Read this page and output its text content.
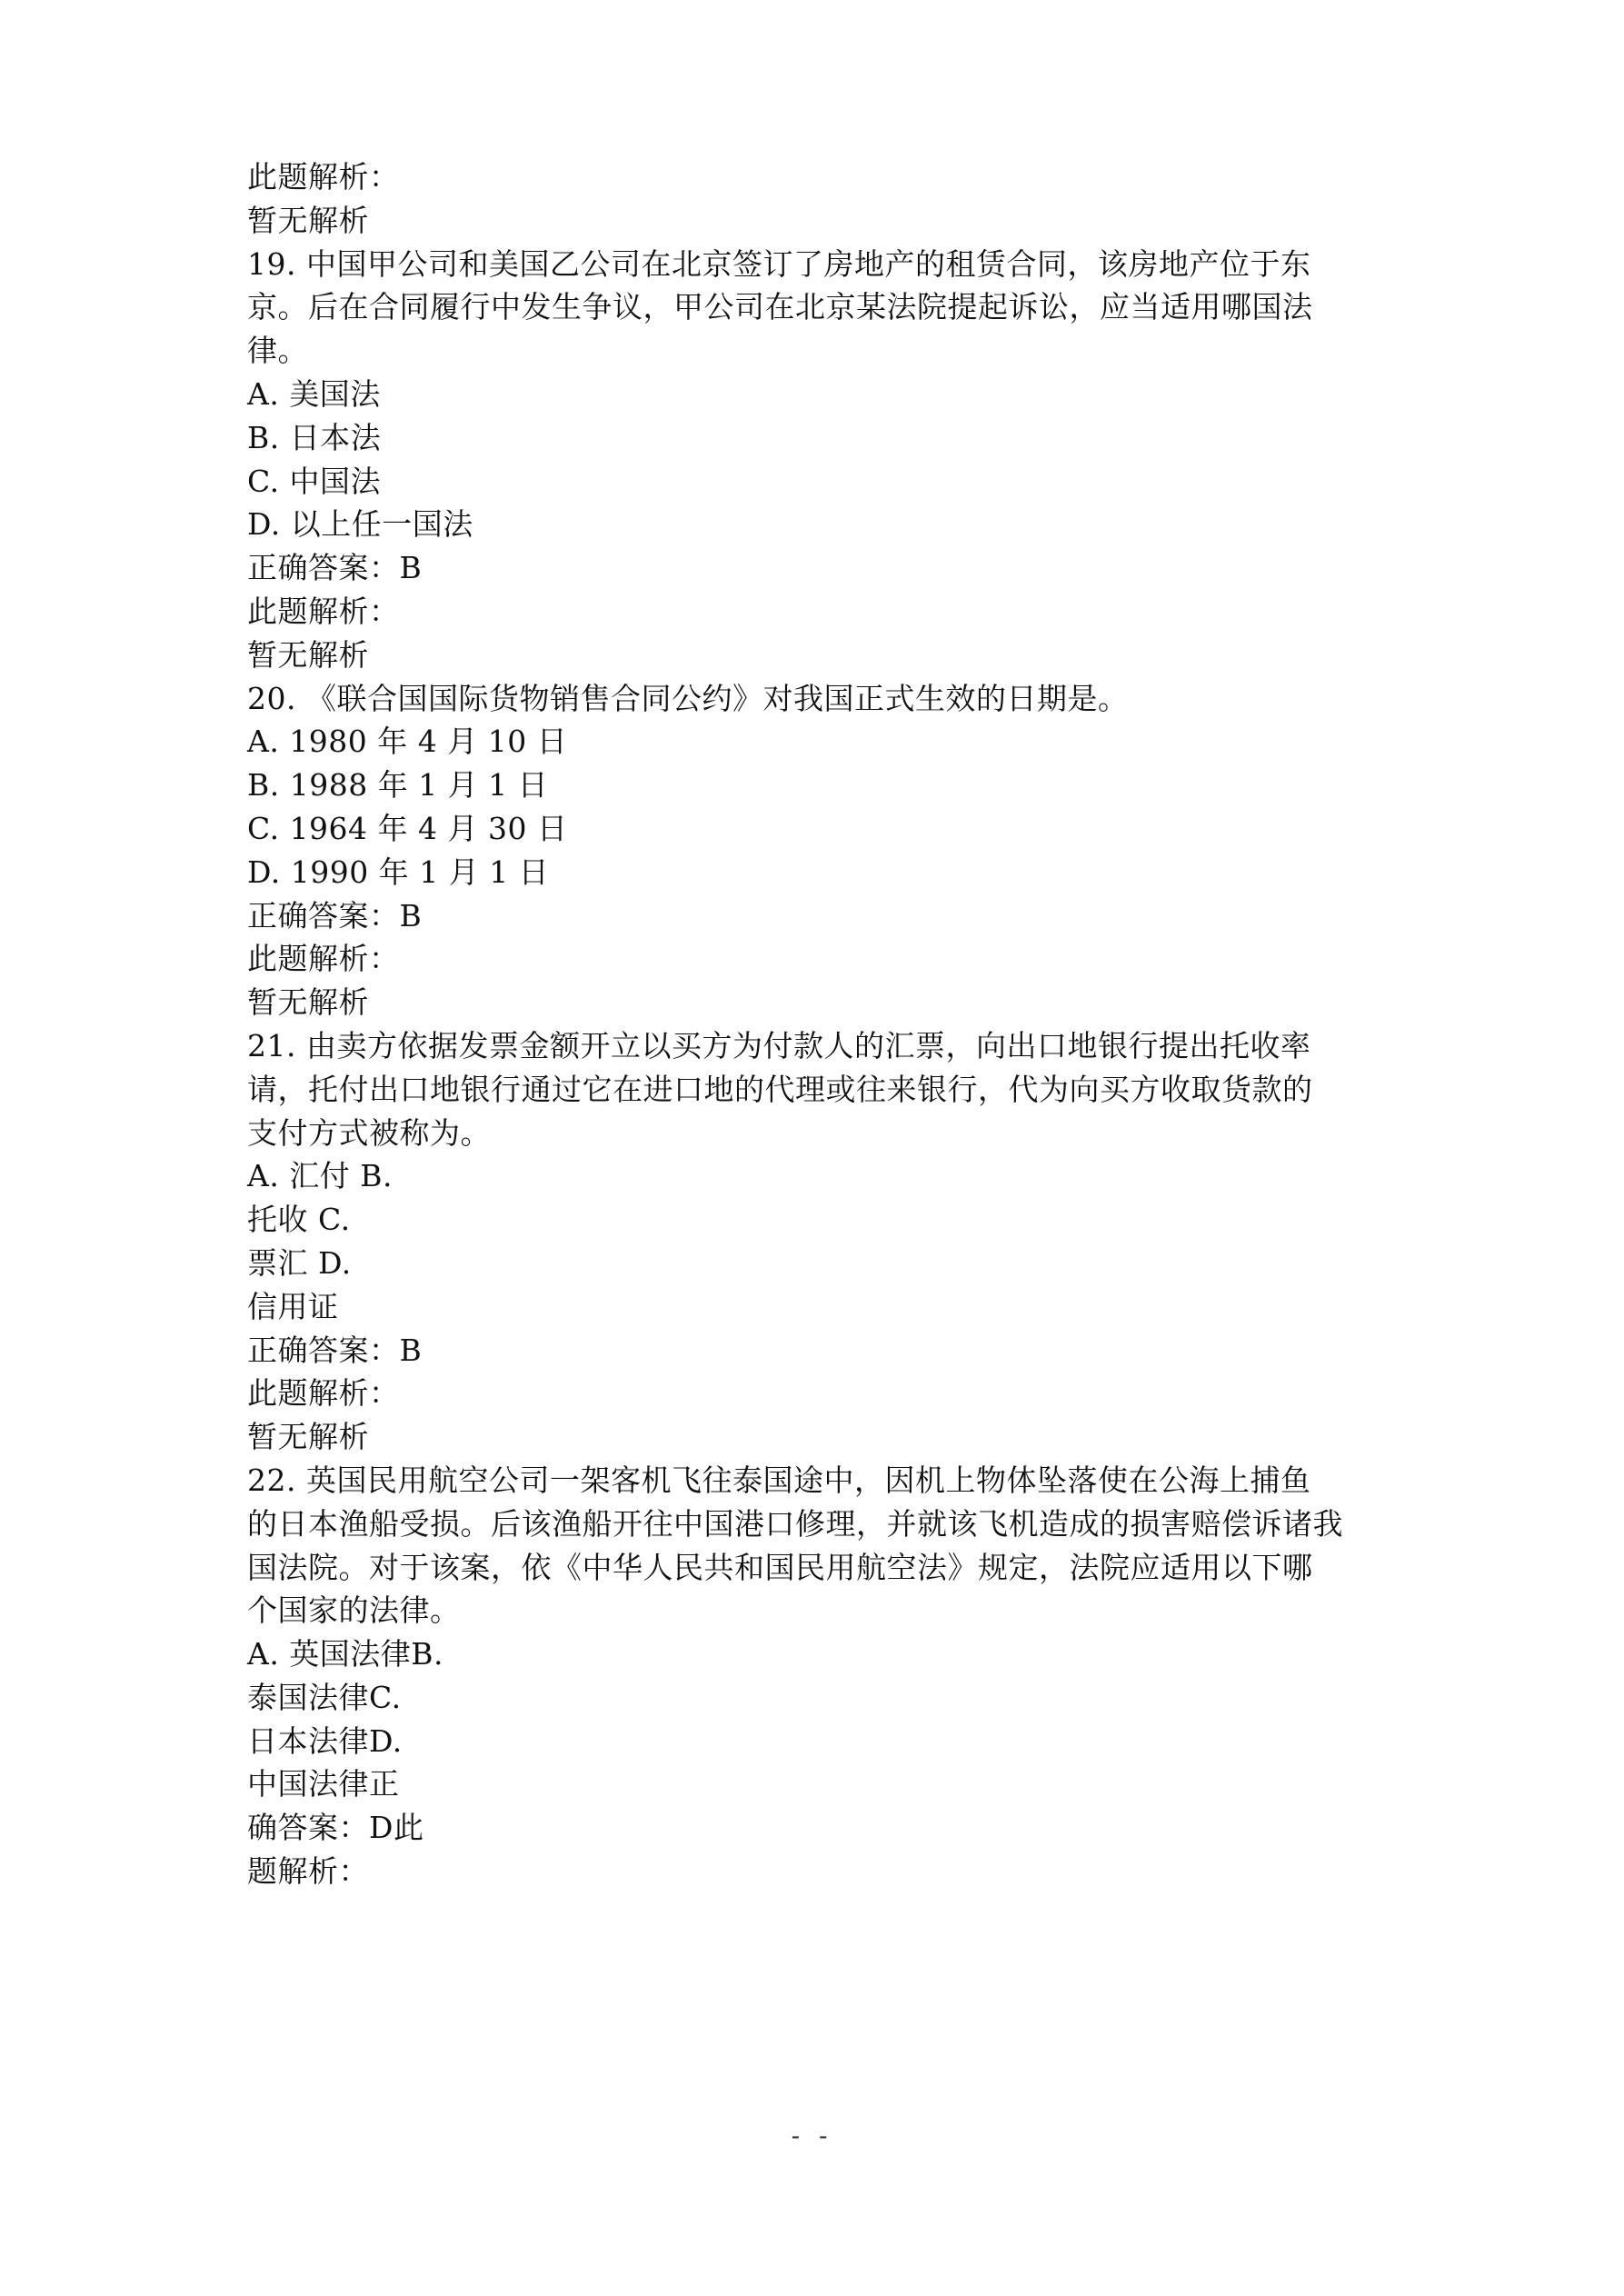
此题解析：
暂无解析
19. 中国甲公司和美国乙公司在北京签订了房地产的租赁合同，该房地产位于东
京。后在合同履行中发生争议，甲公司在北京某法院提起诉讼，应当适用哪国法
律。
A. 美国法
B. 日本法
C. 中国法
D. 以上任一国法
正确答案：B
此题解析：
暂无解析
20. 《联合国国际货物销售合同公约》对我国正式生效的日期是。
A. 1980 年 4 月 10 日
B. 1988 年 1 月 1 日
C. 1964 年 4 月 30 日
D. 1990 年 1 月 1 日
正确答案：B
此题解析：
暂无解析
21. 由卖方依据发票金额开立以买方为付款人的汇票，向出口地银行提出托收率
请，托付出口地银行通过它在进口地的代理或往来银行，代为向买方收取货款的
支付方式被称为。
A. 汇付 B.
托收 C.
票汇 D.
信用证
正确答案：B
此题解析：
暂无解析
22. 英国民用航空公司一架客机飞往泰国途中，因机上物体坠落使在公海上捕鱼
的日本渔船受损。后该渔船开往中国港口修理，并就该飞机造成的损害赔偿诉诸我
国法院。对于该案，依《中华人民共和国民用航空法》规定，法院应适用以下哪
个国家的法律。
A. 英国法律B.
泰国法律C.
日本法律D.
中国法律正
确答案：D此
题解析：
- -
